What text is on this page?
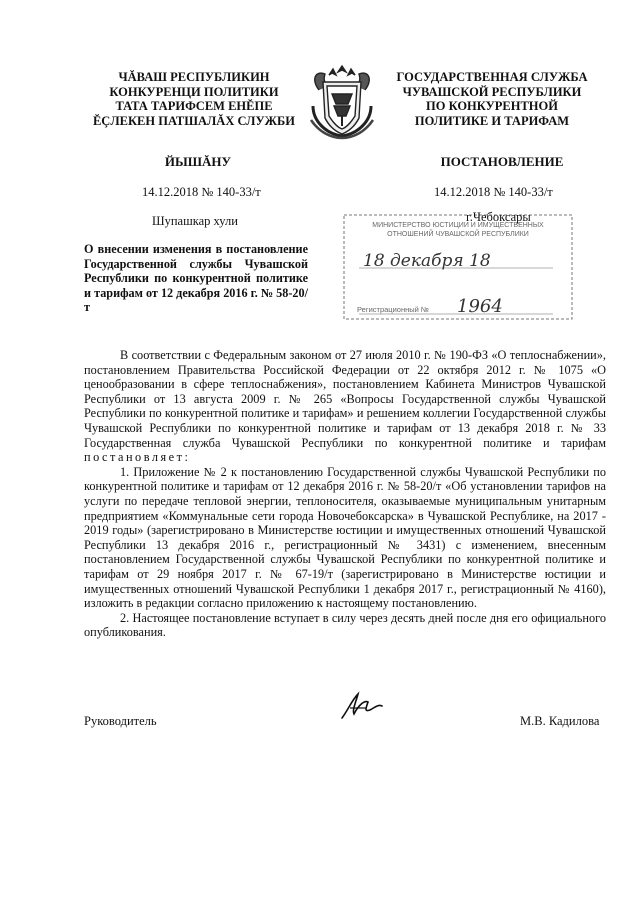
ЧĂВАШ РЕСПУБЛИКИН
КОНКУРЕНЦИ ПОЛИТИКИ
ТАТА ТАРИФСЕМ ЕНĔПЕ
ĔÇЛЕКЕН ПАТШАЛĂХ СЛУЖБИ
ГОСУДАРСТВЕННАЯ СЛУЖБА
ЧУВАШСКОЙ РЕСПУБЛИКИ
ПО КОНКУРЕНТНОЙ
ПОЛИТИКЕ И ТАРИФАМ
ЙЫШĂНУ	ПОСТАНОВЛЕНИЕ
14.12.2018 № 140-33/т	14.12.2018 № 140-33/т
Шупашкар хули	МИНИСТЕРСТВО ЮСТИЦИИ И ИМУЩЕСТВЕННЫХ
ОТНОШЕНИЙ ЧУВАШСКОЙ РЕСПУБЛИКИ
18 декабря 18
Регистрационный № 1964
г.Чебоксары
О внесении изменения в постановление Государственной службы Чувашской Республики по конкурентной политике и тарифам от 12 декабря 2016 г. № 58-20/т

В соответствии с Федеральным законом от 27 июля 2010 г. № 190-ФЗ «О теплоснабжении», постановлением Правительства Российской Федерации от 22 октября 2012 г. № 1075 «О ценообразовании в сфере теплоснабжения», постановлением Кабинета Министров Чувашской Республики от 13 августа 2009 г. № 265 «Вопросы Государственной службы Чувашской Республики по конкурентной политике и тарифам» и решением коллегии Государственной службы Чувашской Республики по конкурентной политике и тарифам от 13 декабря 2018 г. № 33 Государственная служба Чувашской Республики по конкурентной политике и тарифам постановляет:

1. Приложение № 2 к постановлению Государственной службы Чувашской Республики по конкурентной политике и тарифам от 12 декабря 2016 г. № 58-20/т «Об установлении тарифов на услуги по передаче тепловой энергии, теплоносителя, оказываемые муниципальным унитарным предприятием «Коммунальные сети города Новочебоксарска» в Чувашской Республике, на 2017 - 2019 годы» (зарегистрировано в Министерстве юстиции и имущественных отношений Чувашской Республики 13 декабря 2016 г., регистрационный № 3431) с изменением, внесенным постановлением Государственной службы Чувашской Республики по конкурентной политике и тарифам от 29 ноября 2017 г. № 67-19/т (зарегистрировано в Министерстве юстиции и имущественных отношений Чувашской Республики 1 декабря 2017 г., регистрационный № 4160), изложить в редакции согласно приложению к настоящему постановлению.

2. Настоящее постановление вступает в силу через десять дней после дня его официального опубликования.

Руководитель	М.В. Кадилова
